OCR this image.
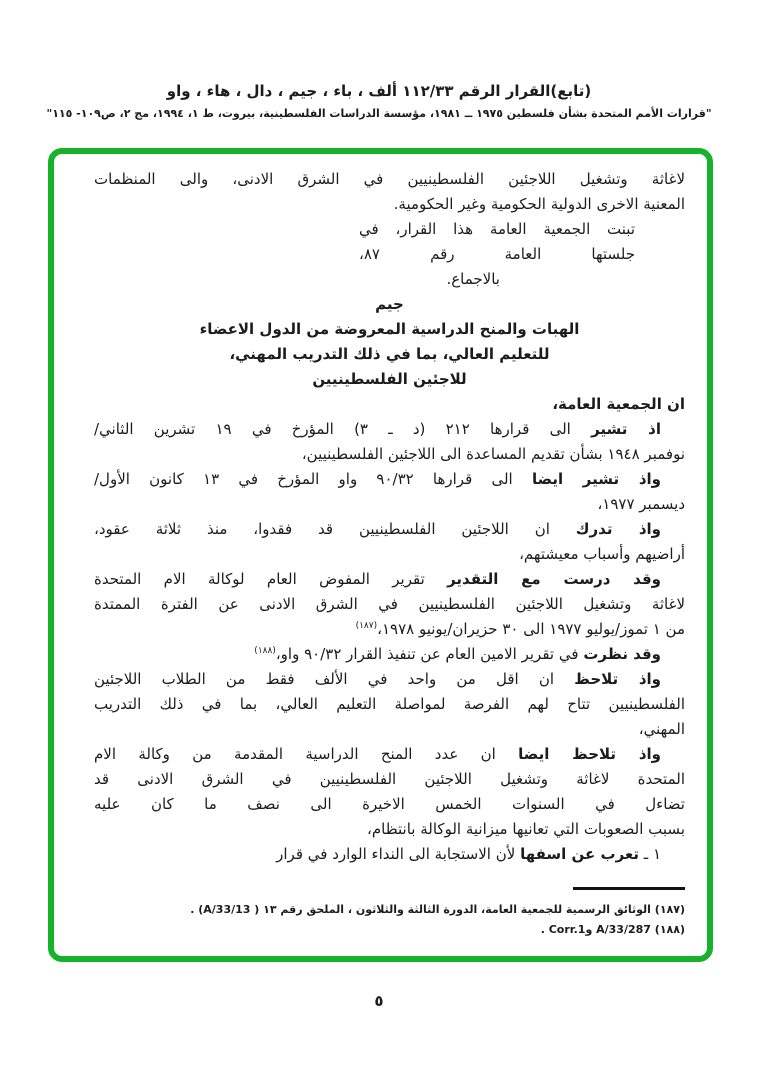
(تابع)القرار الرقم ١١٢/٣٣ ألف ، باء ، جيم ، دال ، هاء ، واو
"قرارات الأمم المتحدة بشأن فلسطين ١٩٧٥ ــ ١٩٨١، مؤسسة الدراسات الفلسطينية، بيروت، ط ١، ١٩٩٤، مج ٢، ص١٠٩- ١١٥"
لاغاثة وتشغيل اللاجئين الفلسطينيين في الشرق الادنى، والى المنظمات
المعنية الاخرى الدولية الحكومية وغير الحكومية.
تبنت الجمعية العامة هذا القرار، في
جلستها العامة رقم ٨٧،
بالاجماع.
جيم
الهبات والمنح الدراسية المعروضة من الدول الاعضاء
للتعليم العالي، بما في ذلك التدريب المهني،
للاجئين الفلسطينيين
ان الجمعية العامة،
اذ تشير الى قرارها ٢١٢ (د ـ ٣) المؤرخ في ١٩ تشرين الثاني/
نوفمبر ١٩٤٨ بشأن تقديم المساعدة الى اللاجئين الفلسطينيين،
واذ تشير ايضا الى قرارها ٩٠/٣٢ واو المؤرخ في ١٣ كانون الأول/
ديسمبر ١٩٧٧،
واذ تدرك ان اللاجئين الفلسطينيين قد فقدوا، منذ ثلاثة عقود،
أراضيهم وأسباب معيشتهم،
وقد درست مع التقدير تقرير المفوض العام لوكالة الام المتحدة
لاغاثة وتشغيل اللاجئين الفلسطينيين في الشرق الادنى عن الفترة الممتدة
من ١ تموز/يوليو ١٩٧٧ الى ٣٠ حزيران/يونيو ١٩٧٨،$^{(١٨٧)}$
وقد نظرت في تقرير الامين العام عن تنفيذ القرار ٩٠/٣٢ واو،$^{(١٨٨)}$
واذ تلاحظ ان اقل من واحد في الألف فقط من الطلاب اللاجئين
الفلسطينيين تتاح لهم الفرصة لمواصلة التعليم العالي، بما في ذلك التدريب
المهني،
واذ تلاحظ ايضا ان عدد المنح الدراسية المقدمة من وكالة الام
المتحدة لاغاثة وتشغيل اللاجئين الفلسطينيين في الشرق الادنى قد
تضاءل في السنوات الخمس الاخيرة الى نصف ما كان عليه
بسبب الصعوبات التي تعانيها ميزانية الوكالة بانتظام،
١ ـ تعرب عن اسفها لأن الاستجابة الى النداء الوارد في قرار
(١٨٧) الوثائق الرسمية للجمعية العامة، الدورة الثالثة والثلاثون ، الملحق رقم ١٣ ( A/33/13) .
(١٨٨) A/33/287 وCorr.1 .
٥
